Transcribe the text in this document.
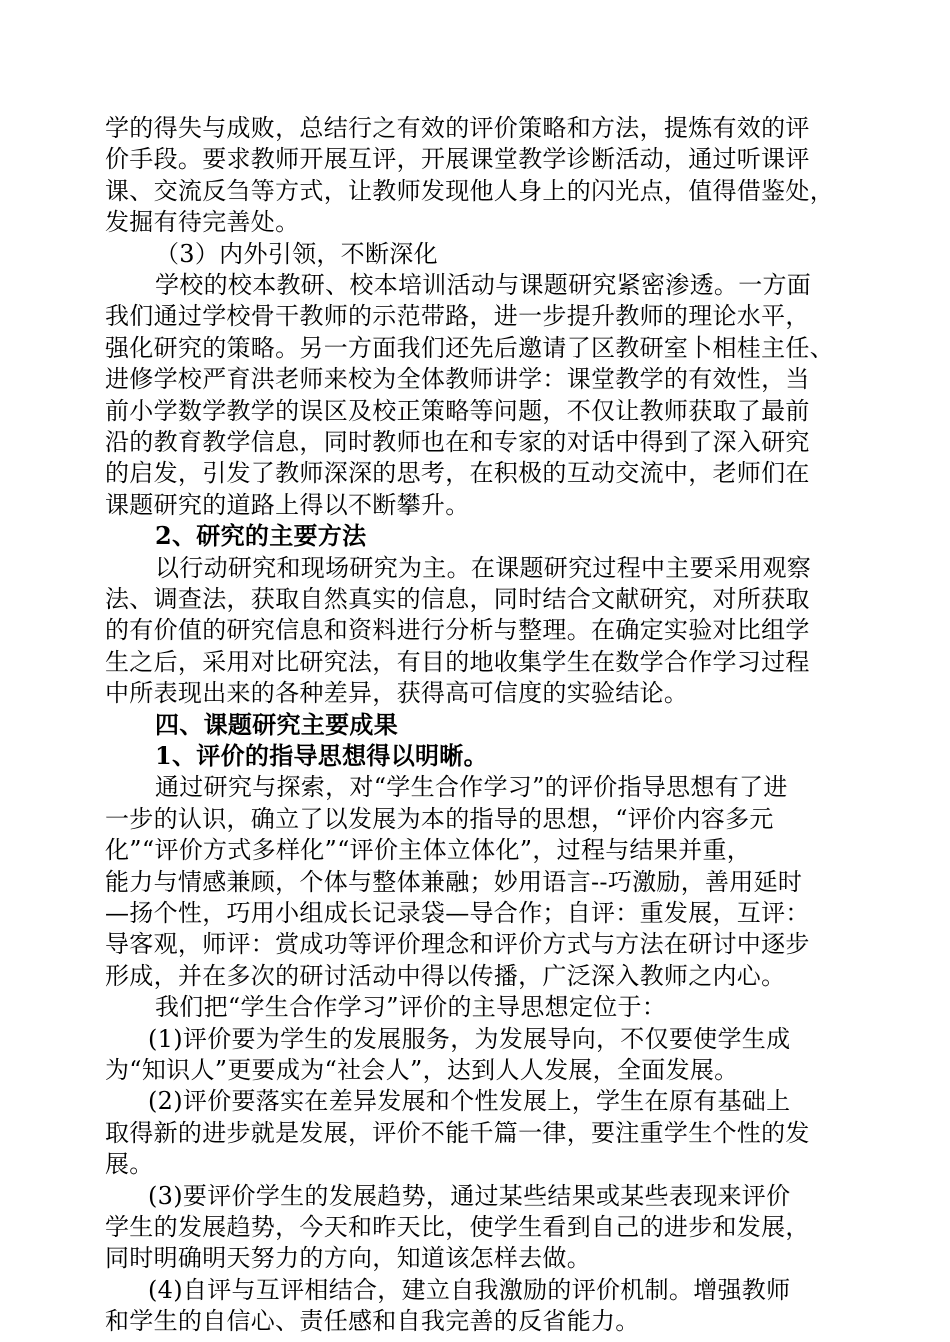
学的得失与成败，总结行之有效的评价策略和方法，提炼有效的评
价手段。要求教师开展互评，开展课堂教学诊断活动，通过听课评
课、交流反刍等方式，让教师发现他人身上的闪光点，值得借鉴处，
发掘有待完善处。
（3）内外引领，不断深化
学校的校本教研、校本培训活动与课题研究紧密渗透。一方面
我们通过学校骨干教师的示范带路，进一步提升教师的理论水平，
强化研究的策略。另一方面我们还先后邀请了区教研室卜相桂主任、
进修学校严育洪老师来校为全体教师讲学：课堂教学的有效性，当
前小学数学教学的误区及校正策略等问题，不仅让教师获取了最前
沿的教育教学信息，同时教师也在和专家的对话中得到了深入研究
的启发，引发了教师深深的思考，在积极的互动交流中，老师们在
课题研究的道路上得以不断攀升。
2、研究的主要方法
以行动研究和现场研究为主。在课题研究过程中主要采用观察
法、调查法，获取自然真实的信息，同时结合文献研究，对所获取
的有价值的研究信息和资料进行分析与整理。在确定实验对比组学
生之后，采用对比研究法，有目的地收集学生在数学合作学习过程
中所表现出来的各种差异，获得高可信度的实验结论。
四、课题研究主要成果
1、评价的指导思想得以明晰。
通过研究与探索，对“学生合作学习”的评价指导思想有了进
一步的认识，确立了以发展为本的指导的思想，“评价内容多元
化”“评价方式多样化”“评价主体立体化”，过程与结果并重，
能力与情感兼顾，个体与整体兼融；妙用语言--巧激励，善用延时
—扬个性，巧用小组成长记录袋—导合作；自评：重发展，互评：
导客观，师评：赏成功等评价理念和评价方式与方法在研讨中逐步
形成，并在多次的研讨活动中得以传播，广泛深入教师之内心。
我们把“学生合作学习”评价的主导思想定位于：
(1)评价要为学生的发展服务，为发展导向，不仅要使学生成
为“知识人”更要成为“社会人”，达到人人发展，全面发展。
(2)评价要落实在差异发展和个性发展上，学生在原有基础上
取得新的进步就是发展，评价不能千篇一律，要注重学生个性的发
展。
(3)要评价学生的发展趋势，通过某些结果或某些表现来评价
学生的发展趋势，今天和昨天比，使学生看到自己的进步和发展，
同时明确明天努力的方向，知道该怎样去做。
(4)自评与互评相结合，建立自我激励的评价机制。增强教师
和学生的自信心、责任感和自我完善的反省能力。
